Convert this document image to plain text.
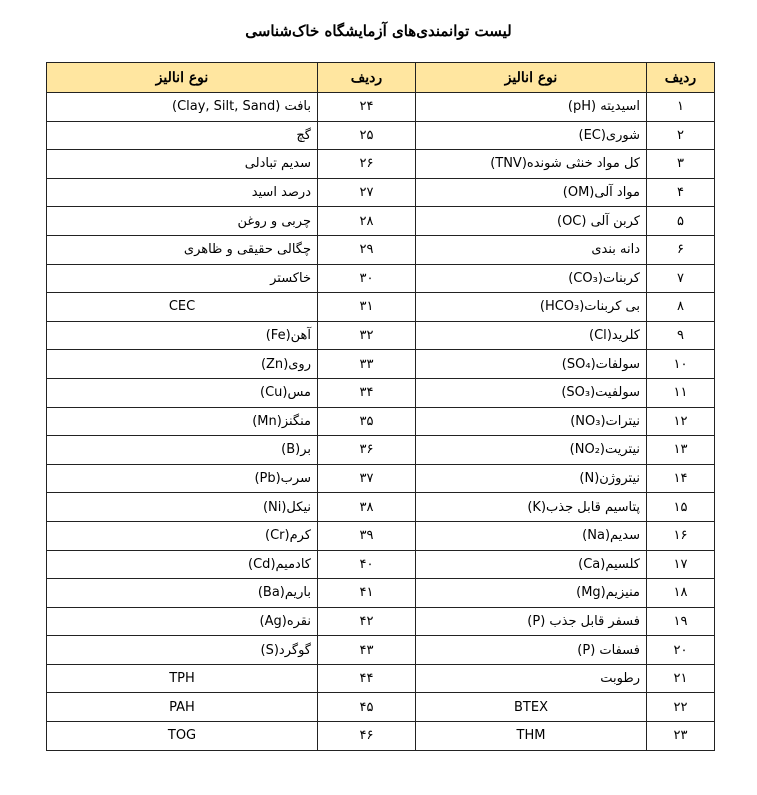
لیست توانمندی‌های آزمایشگاه خاک‌شناسی
ردیف	نوع انالیز	ردیف	نوع انالیز
۱	اسیدیته (pH)	۲۴	بافت (Clay, Silt, Sand)
۲	شوری(EC)	۲۵	گچ
۳	کل مواد خنثی شونده(TNV)	۲۶	سدیم تبادلی
۴	مواد آلی(OM)	۲۷	درصد اسید
۵	کربن آلی (OC)	۲۸	چربی و روغن
۶	دانه بندی	۲۹	چگالی حقیقی و ظاهری
۷	کربنات(CO₃)	۳۰	خاکستر
۸	بی کربنات(HCO₃)	۳۱	CEC
۹	کلرید(Cl)	۳۲	آهن(Fe)
۱۰	سولفات(SO₄)	۳۳	روی(Zn)
۱۱	سولفیت(SO₃)	۳۴	مس(Cu)
۱۲	نیترات(NO₃)	۳۵	منگنز(Mn)
۱۳	نیتریت(NO₂)	۳۶	بر(B)
۱۴	نیتروژن(N)	۳۷	سرب(Pb)
۱۵	پتاسیم قابل جذب(K)	۳۸	نیکل(Ni)
۱۶	سدیم(Na)	۳۹	کرم(Cr)
۱۷	کلسیم(Ca)	۴۰	کادمیم(Cd)
۱۸	منیزیم(Mg)	۴۱	باریم(Ba)
۱۹	فسفر قابل جذب (P)	۴۲	نقره(Ag)
۲۰	فسفات (P)	۴۳	گوگرد(S)
۲۱	رطوبت	۴۴	TPH
۲۲	BTEX	۴۵	PAH
۲۳	THM	۴۶	TOG
